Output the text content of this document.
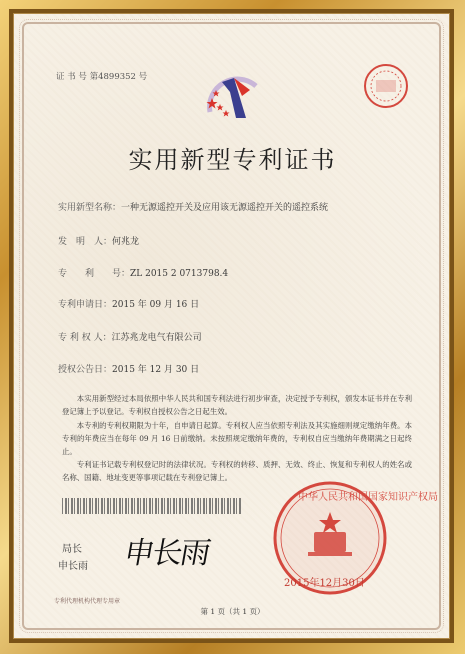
证 书 号 第4899352 号
实用新型专利证书
实用新型名称：一种无源遥控开关及应用该无源遥控开关的遥控系统
发　明　人：何兆龙
专　　利　　号：ZL 2015 2 0713798.4
专利申请日：2015 年 09 月 16 日
专 利 权 人：江苏兆龙电气有限公司
授权公告日：2015 年 12 月 30 日
本实用新型经过本局依照中华人民共和国专利法进行初步审查，决定授予专利权，颁发本证书并在专利登记簿上予以登记。专利权自授权公告之日起生效。
本专利的专利权期限为十年，自申请日起算。专利权人应当依照专利法及其实施细则规定缴纳年费。本专利的年费应当在每年 09 月 16 日前缴纳。未按照规定缴纳年费的，专利权自应当缴纳年费期满之日起终止。
专利证书记载专利权登记时的法律状况。专利权的转移、质押、无效、终止、恢复和专利权人的姓名或名称、国籍、地址变更等事项记载在专利登记簿上。
局长
申长雨 申长雨
中华人民共和国国家知识产权局
2015年12月30日
专利代理机构代理专用章
第 1 页（共 1 页）
